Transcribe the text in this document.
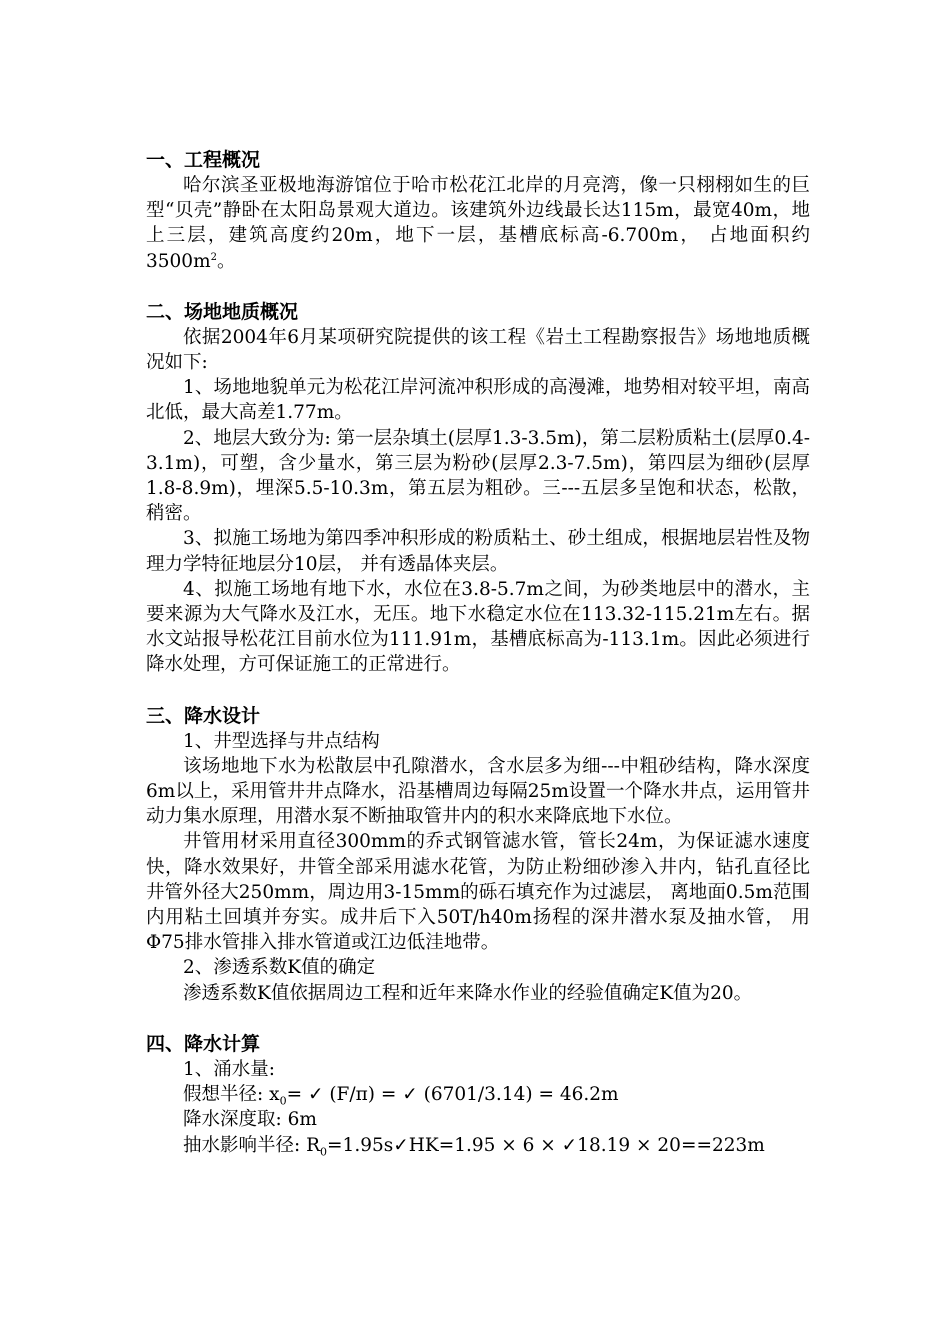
一、工程概况

哈尔滨圣亚极地海游馆位于哈市松花江北岸的月亮湾，像一只栩栩如生的巨型“贝壳”静卧在太阳岛景观大道边。该建筑外边线最长达115m，最宽40m，地上三层，建筑高度约20m，地下一层，基槽底标高-6.700m， 占地面积约$3500m^2$。

二、场地地质概况

依据2004年6月某项研究院提供的该工程《岩土工程勘察报告》场地地质概况如下:

1、场地地貌单元为松花江岸河流冲积形成的高漫滩，地势相对较平坦，南高北低，最大高差1.77m。

2、地层大致分为: 第一层杂填土(层厚1.3-3.5m)，第二层粉质粘土(层厚0.4-3.1m)，可塑，含少量水，第三层为粉砂(层厚2.3-7.5m)，第四层为细砂(层厚1.8-8.9m)，埋深5.5-10.3m，第五层为粗砂。三---五层多呈饱和状态，松散，稍密。

3、拟施工场地为第四季冲积形成的粉质粘土、砂土组成，根据地层岩性及物理力学特征地层分10层， 并有透晶体夹层。

4、拟施工场地有地下水，水位在3.8-5.7m之间，为砂类地层中的潜水，主要来源为大气降水及江水，无压。地下水稳定水位在113.32-115.21m左右。据水文站报导松花江目前水位为111.91m，基槽底标高为-113.1m。因此必须进行降水处理，方可保证施工的正常进行。

三、降水设计

1、井型选择与井点结构

该场地地下水为松散层中孔隙潜水，含水层多为细---中粗砂结构，降水深度6m以上，采用管井井点降水，沿基槽周边每隔25m设置一个降水井点，运用管井动力集水原理，用潜水泵不断抽取管井内的积水来降底地下水位。

井管用材采用直径300mm的乔式钢管滤水管，管长24m，为保证滤水速度快，降水效果好，井管全部采用滤水花管，为防止粉细砂渗入井内，钻孔直径比井管外径大250mm，周边用3-15mm的砾石填充作为过滤层， 离地面0.5m范围内用粘土回填并夯实。成井后下入50T/h40m扬程的深井潜水泵及抽水管， 用Φ75排水管排入排水管道或江边低洼地带。

2、渗透系数K值的确定

渗透系数K值依据周边工程和近年来降水作业的经验值确定K值为20。

四、降水计算

1、涌水量:

假想半径: $x_0=$ ✓ (F/π) = ✓ (6701/3.14) = 46.2m

降水深度取: 6m

抽水影响半径: $R_0=1.95s✓HK=1.95 \times 6$ × ✓18.19 × 20==223m
